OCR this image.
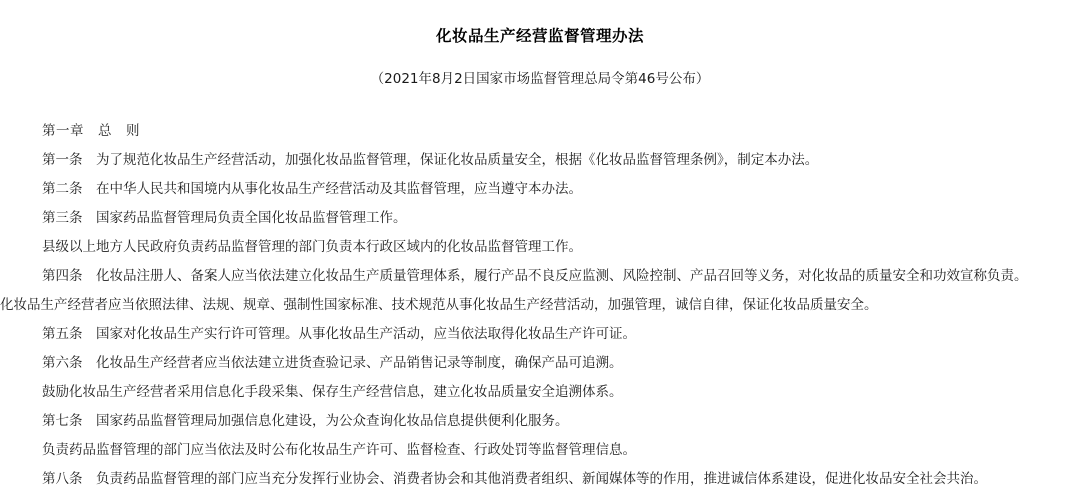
化妆品生产经营监督管理办法
（2021年8月2日国家市场监督管理总局令第46号公布）

第一章　总　则

第一条　为了规范化妆品生产经营活动，加强化妆品监督管理，保证化妆品质量安全，根据《化妆品监督管理条例》，制定本办法。

第二条　在中华人民共和国境内从事化妆品生产经营活动及其监督管理，应当遵守本办法。

第三条　国家药品监督管理局负责全国化妆品监督管理工作。

县级以上地方人民政府负责药品监督管理的部门负责本行政区域内的化妆品监督管理工作。

第四条　化妆品注册人、备案人应当依法建立化妆品生产质量管理体系，履行产品不良反应监测、风险控制、产品召回等义务，对化妆品的质量安全和功效宣称负责。

化妆品生产经营者应当依照法律、法规、规章、强制性国家标准、技术规范从事化妆品生产经营活动，加强管理，诚信自律，保证化妆品质量安全。

第五条　国家对化妆品生产实行许可管理。从事化妆品生产活动，应当依法取得化妆品生产许可证。

第六条　化妆品生产经营者应当依法建立进货查验记录、产品销售记录等制度，确保产品可追溯。

鼓励化妆品生产经营者采用信息化手段采集、保存生产经营信息，建立化妆品质量安全追溯体系。

第七条　国家药品监督管理局加强信息化建设，为公众查询化妆品信息提供便利化服务。

负责药品监督管理的部门应当依法及时公布化妆品生产许可、监督检查、行政处罚等监督管理信息。

第八条　负责药品监督管理的部门应当充分发挥行业协会、消费者协会和其他消费者组织、新闻媒体等的作用，推进诚信体系建设，促进化妆品安全社会共治。
